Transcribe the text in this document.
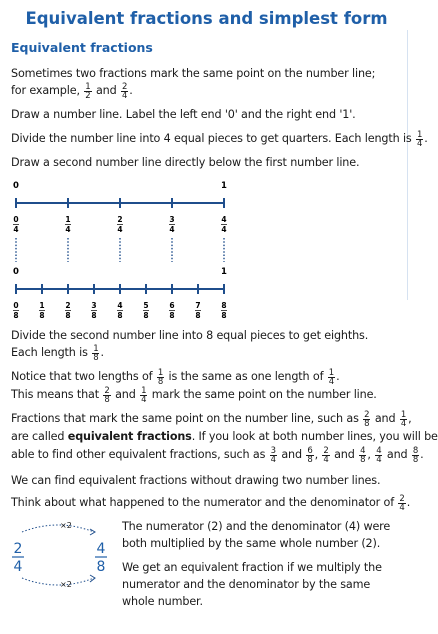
Equivalent fractions and simplest form
Equivalent fractions

Sometimes two fractions mark the same point on the number line;

for example, $\frac{1}{2}$ and $\frac{2}{4}$ .

Draw a number line. Label the left end '0' and the right end '1'.

Divide the number line into 4 equal pieces to get quarters. Each length is $\frac{1}{4}$ .

Draw a second number line directly below the first number line.

0	1
0
4
1
4
2
4
3
4
4
4
0	1
0
8
1
8
2
8
3
8
4
8
5
8
6
8
7
8
8
8

Divide the second number line into 8 equal pieces to get eighths.

Each length is $\frac{1}{8}$ .

Notice that two lengths of $\frac{1}{8}$ is the same as one length of $\frac{1}{4}$ .

This means that $\frac{2}{8}$ and $\frac{1}{4}$ mark the same point on the number line.

Fractions that mark the same point on the number line, such as $\frac{2}{8}$ and $\frac{1}{4}$ ,

are called equivalent fractions. If you look at both number lines, you will be

able to find other equivalent fractions, such as $\frac{3}{4}$ and $\frac{6}{8}$ , $\frac{2}{4}$ and $\frac{4}{8}$ , $\frac{4}{4}$ and $\frac{8}{8}$ .

We can find equivalent fractions without drawing two number lines.

Think about what happened to the numerator and the denominator of $\frac{2}{4}$ .

×2
2
4
4
8
×2

The numerator (2) and the denominator (4) were

both multiplied by the same whole number (2).

We get an equivalent fraction if we multiply the

numerator and the denominator by the same

whole number.
